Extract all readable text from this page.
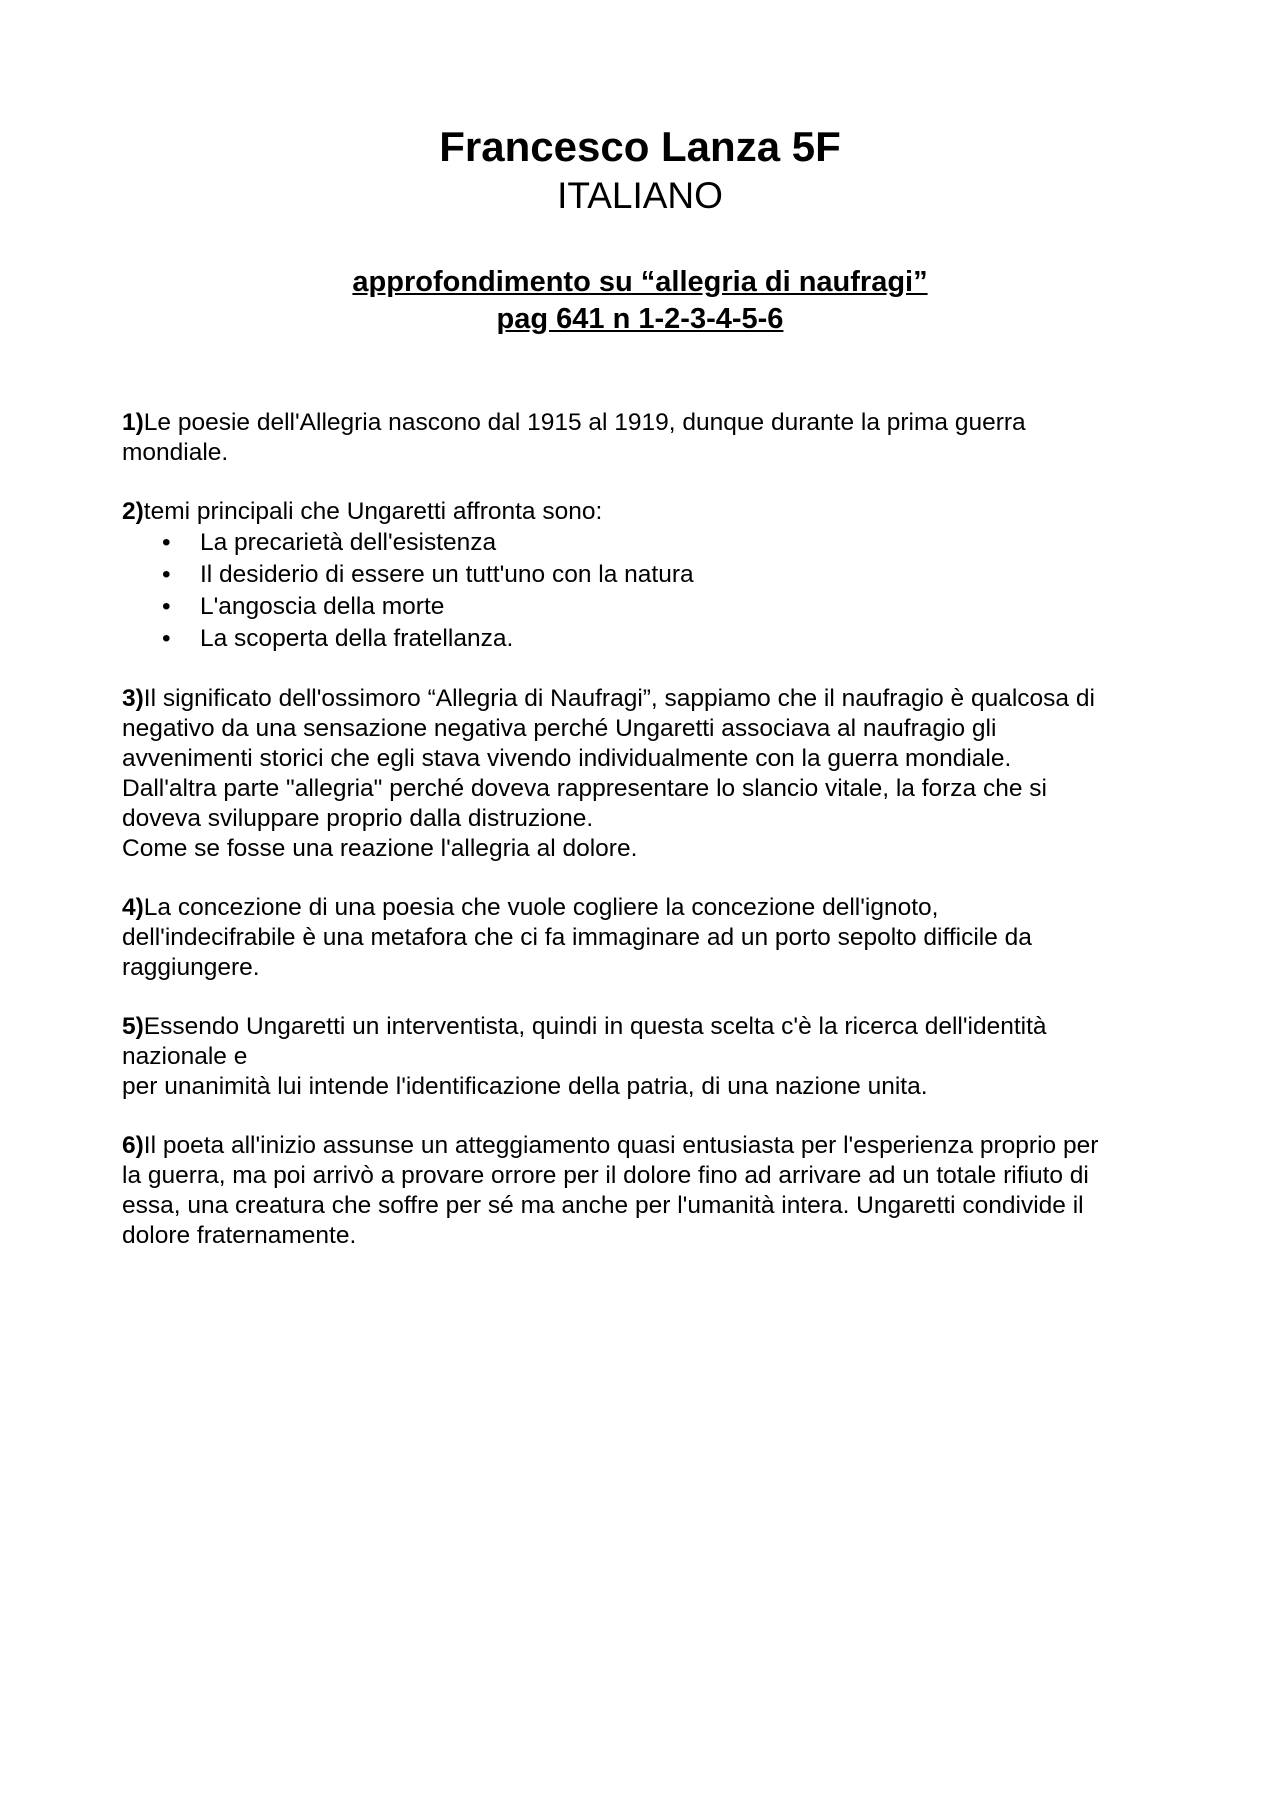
Francesco Lanza 5F
ITALIANO
approfondimento su “allegria di naufragi”
pag 641 n 1-2-3-4-5-6
1)Le poesie dell'Allegria nascono dal 1915 al 1919, dunque durante la prima guerra
mondiale.
2)temi principali che Ungaretti affronta sono:
• La precarietà dell'esistenza
• Il desiderio di essere un tutt'uno con la natura
• L'angoscia della morte
• La scoperta della fratellanza.
3)Il significato dell'ossimoro “Allegria di Naufragi”, sappiamo che il naufragio è qualcosa di
negativo da una sensazione negativa perché Ungaretti associava al naufragio gli
avvenimenti storici che egli stava vivendo individualmente con la guerra mondiale.
Dall'altra parte "allegria" perché doveva rappresentare lo slancio vitale, la forza che si
doveva sviluppare proprio dalla distruzione.
Come se fosse una reazione l'allegria al dolore.
4)La concezione di una poesia che vuole cogliere la concezione dell'ignoto,
dell'indecifrabile è una metafora che ci fa immaginare ad un porto sepolto difficile da
raggiungere.
5)Essendo Ungaretti un interventista, quindi in questa scelta c'è la ricerca dell'identità
nazionale e
per unanimità lui intende l'identificazione della patria, di una nazione unita.
6)Il poeta all'inizio assunse un atteggiamento quasi entusiasta per l'esperienza proprio per
la guerra, ma poi arrivò a provare orrore per il dolore fino ad arrivare ad un totale rifiuto di
essa, una creatura che soffre per sé ma anche per l'umanità intera. Ungaretti condivide il
dolore fraternamente.
